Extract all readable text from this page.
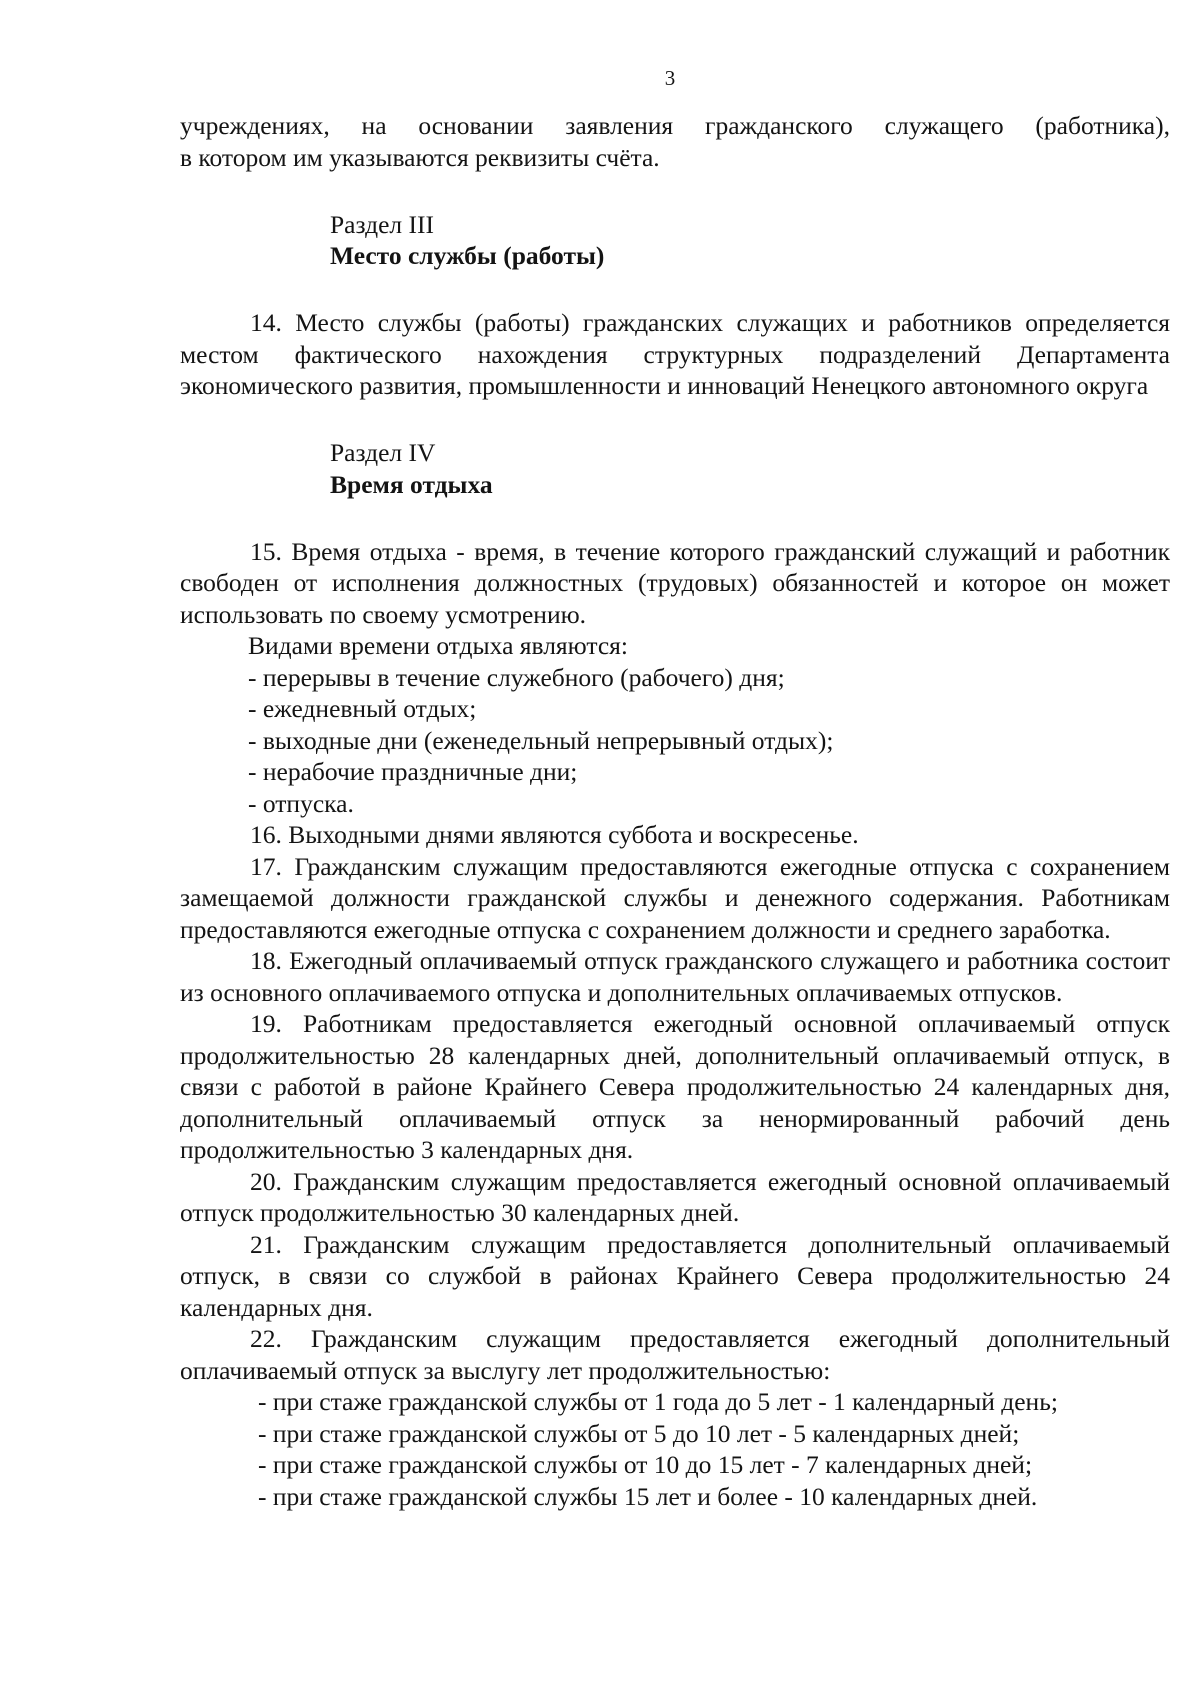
3

учреждениях, на основании заявления гражданского служащего (работника),

в котором им указываются реквизиты счёта.

Раздел III

Место службы (работы)

14. Место службы (работы) гражданских служащих и работников определяется местом фактического нахождения структурных подразделений Департамента экономического развития, промышленности и инноваций Ненецкого автономного округа

Раздел IV

Время отдыха

15. Время отдыха - время, в течение которого гражданский служащий и работник свободен от исполнения должностных (трудовых) обязанностей и которое он может использовать по своему усмотрению.

Видами времени отдыха являются:

- перерывы в течение служебного (рабочего) дня;

- ежедневный отдых;

- выходные дни (еженедельный непрерывный отдых);

- нерабочие праздничные дни;

- отпуска.

16. Выходными днями являются суббота и воскресенье.

17. Гражданским служащим предоставляются ежегодные отпуска с сохранением замещаемой должности гражданской службы и денежного содержания. Работникам предоставляются ежегодные отпуска с сохранением должности и среднего заработка.

18. Ежегодный оплачиваемый отпуск гражданского служащего и работника состоит из основного оплачиваемого отпуска и дополнительных оплачиваемых отпусков.

19. Работникам предоставляется ежегодный основной оплачиваемый отпуск продолжительностью 28 календарных дней, дополнительный оплачиваемый отпуск, в связи с работой в районе Крайнего Севера продолжительностью 24 календарных дня, дополнительный оплачиваемый отпуск за ненормированный рабочий день продолжительностью 3 календарных дня.

20. Гражданским служащим предоставляется ежегодный основной оплачиваемый отпуск продолжительностью 30 календарных дней.

21. Гражданским служащим предоставляется дополнительный оплачиваемый отпуск, в связи со службой в районах Крайнего Севера продолжительностью 24 календарных дня.

22. Гражданским служащим предоставляется ежегодный дополнительный оплачиваемый отпуск за выслугу лет продолжительностью:

- при стаже гражданской службы от 1 года до 5 лет - 1 календарный день;

- при стаже гражданской службы от 5 до 10 лет - 5 календарных дней;

- при стаже гражданской службы от 10 до 15 лет - 7 календарных дней;

- при стаже гражданской службы 15 лет и более - 10 календарных дней.
